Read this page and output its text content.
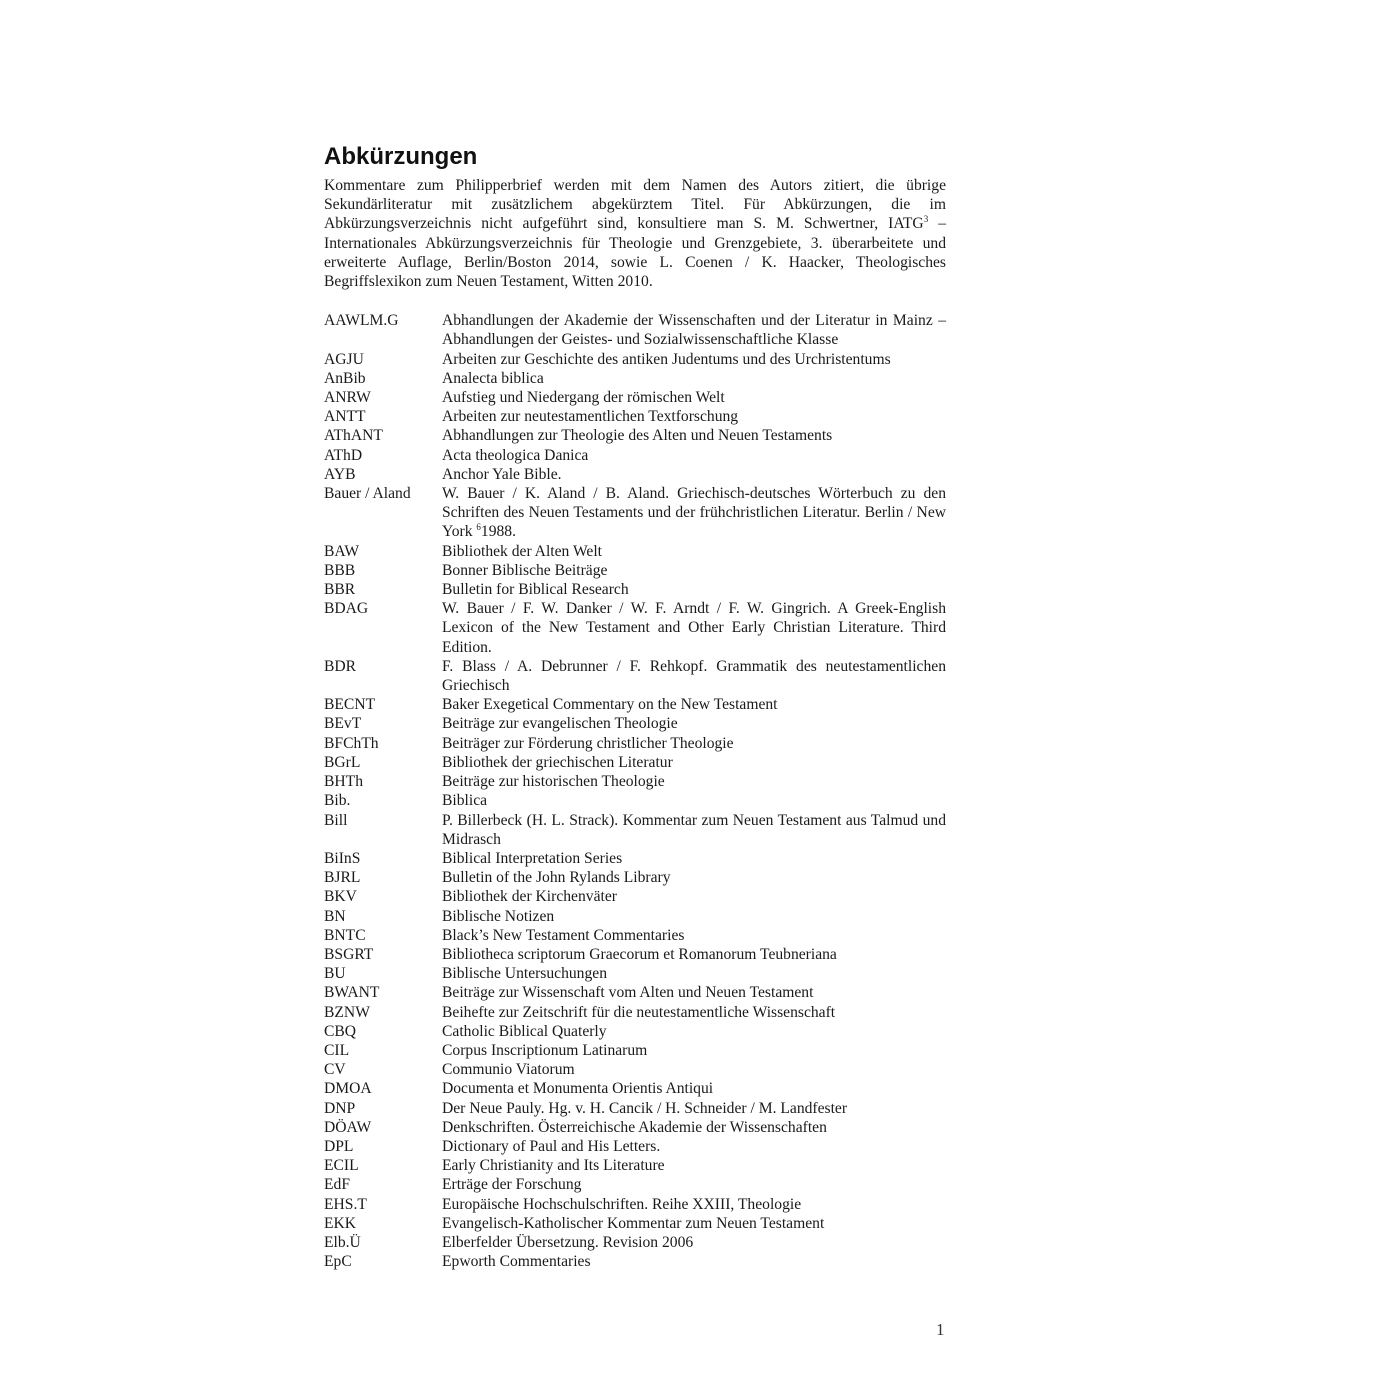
Abkürzungen

Kommentare zum Philipperbrief werden mit dem Namen des Autors zitiert, die übrige Sekundärliteratur mit zusätzlichem abgekürztem Titel. Für Abkürzungen, die im Abkürzungsverzeichnis nicht aufgeführt sind, konsultiere man S. M. Schwertner, IATG$^3$ – Internationales Abkürzungsverzeichnis für Theologie und Grenzgebiete, 3. überarbeitete und erweiterte Auflage, Berlin/Boston 2014, sowie L. Coenen / K. Haacker, Theologisches Begriffslexikon zum Neuen Testament, Witten 2010.

AAWLM.G	Abhandlungen der Akademie der Wissenschaften und der Literatur in Mainz – Abhandlungen der Geistes- und Sozialwissenschaftliche Klasse
AGJU	Arbeiten zur Geschichte des antiken Judentums und des Urchristentums
AnBib	Analecta biblica
ANRW	Aufstieg und Niedergang der römischen Welt
ANTT	Arbeiten zur neutestamentlichen Textforschung
AThANT	Abhandlungen zur Theologie des Alten und Neuen Testaments
AThD	Acta theologica Danica
AYB	Anchor Yale Bible.
Bauer / Aland	W. Bauer / K. Aland / B. Aland. Griechisch-deutsches Wörterbuch zu den Schriften des Neuen Testaments und der frühchristlichen Literatur. Berlin / New York $^6$1988.
BAW	Bibliothek der Alten Welt
BBB	Bonner Biblische Beiträge
BBR	Bulletin for Biblical Research
BDAG	W. Bauer / F. W. Danker / W. F. Arndt / F. W. Gingrich. A Greek-English Lexicon of the New Testament and Other Early Christian Literature. Third Edition.
BDR	F. Blass / A. Debrunner / F. Rehkopf. Grammatik des neutestamentlichen Griechisch
BECNT	Baker Exegetical Commentary on the New Testament
BEvT	Beiträge zur evangelischen Theologie
BFChTh	Beiträger zur Förderung christlicher Theologie
BGrL	Bibliothek der griechischen Literatur
BHTh	Beiträge zur historischen Theologie
Bib.	Biblica
Bill	P. Billerbeck (H. L. Strack). Kommentar zum Neuen Testament aus Talmud und Midrasch
BiInS	Biblical Interpretation Series
BJRL	Bulletin of the John Rylands Library
BKV	Bibliothek der Kirchenväter
BN	Biblische Notizen
BNTC	Black’s New Testament Commentaries
BSGRT	Bibliotheca scriptorum Graecorum et Romanorum Teubneriana
BU	Biblische Untersuchungen
BWANT	Beiträge zur Wissenschaft vom Alten und Neuen Testament
BZNW	Beihefte zur Zeitschrift für die neutestamentliche Wissenschaft
CBQ	Catholic Biblical Quaterly
CIL	Corpus Inscriptionum Latinarum
CV	Communio Viatorum
DMOA	Documenta et Monumenta Orientis Antiqui
DNP	Der Neue Pauly. Hg. v. H. Cancik / H. Schneider / M. Landfester
DÖAW	Denkschriften. Österreichische Akademie der Wissenschaften
DPL	Dictionary of Paul and His Letters.
ECIL	Early Christianity and Its Literature
EdF	Erträge der Forschung
EHS.T	Europäische Hochschulschriften. Reihe XXIII, Theologie
EKK	Evangelisch-Katholischer Kommentar zum Neuen Testament
Elb.Ü	Elberfelder Übersetzung. Revision 2006
EpC	Epworth Commentaries
1
